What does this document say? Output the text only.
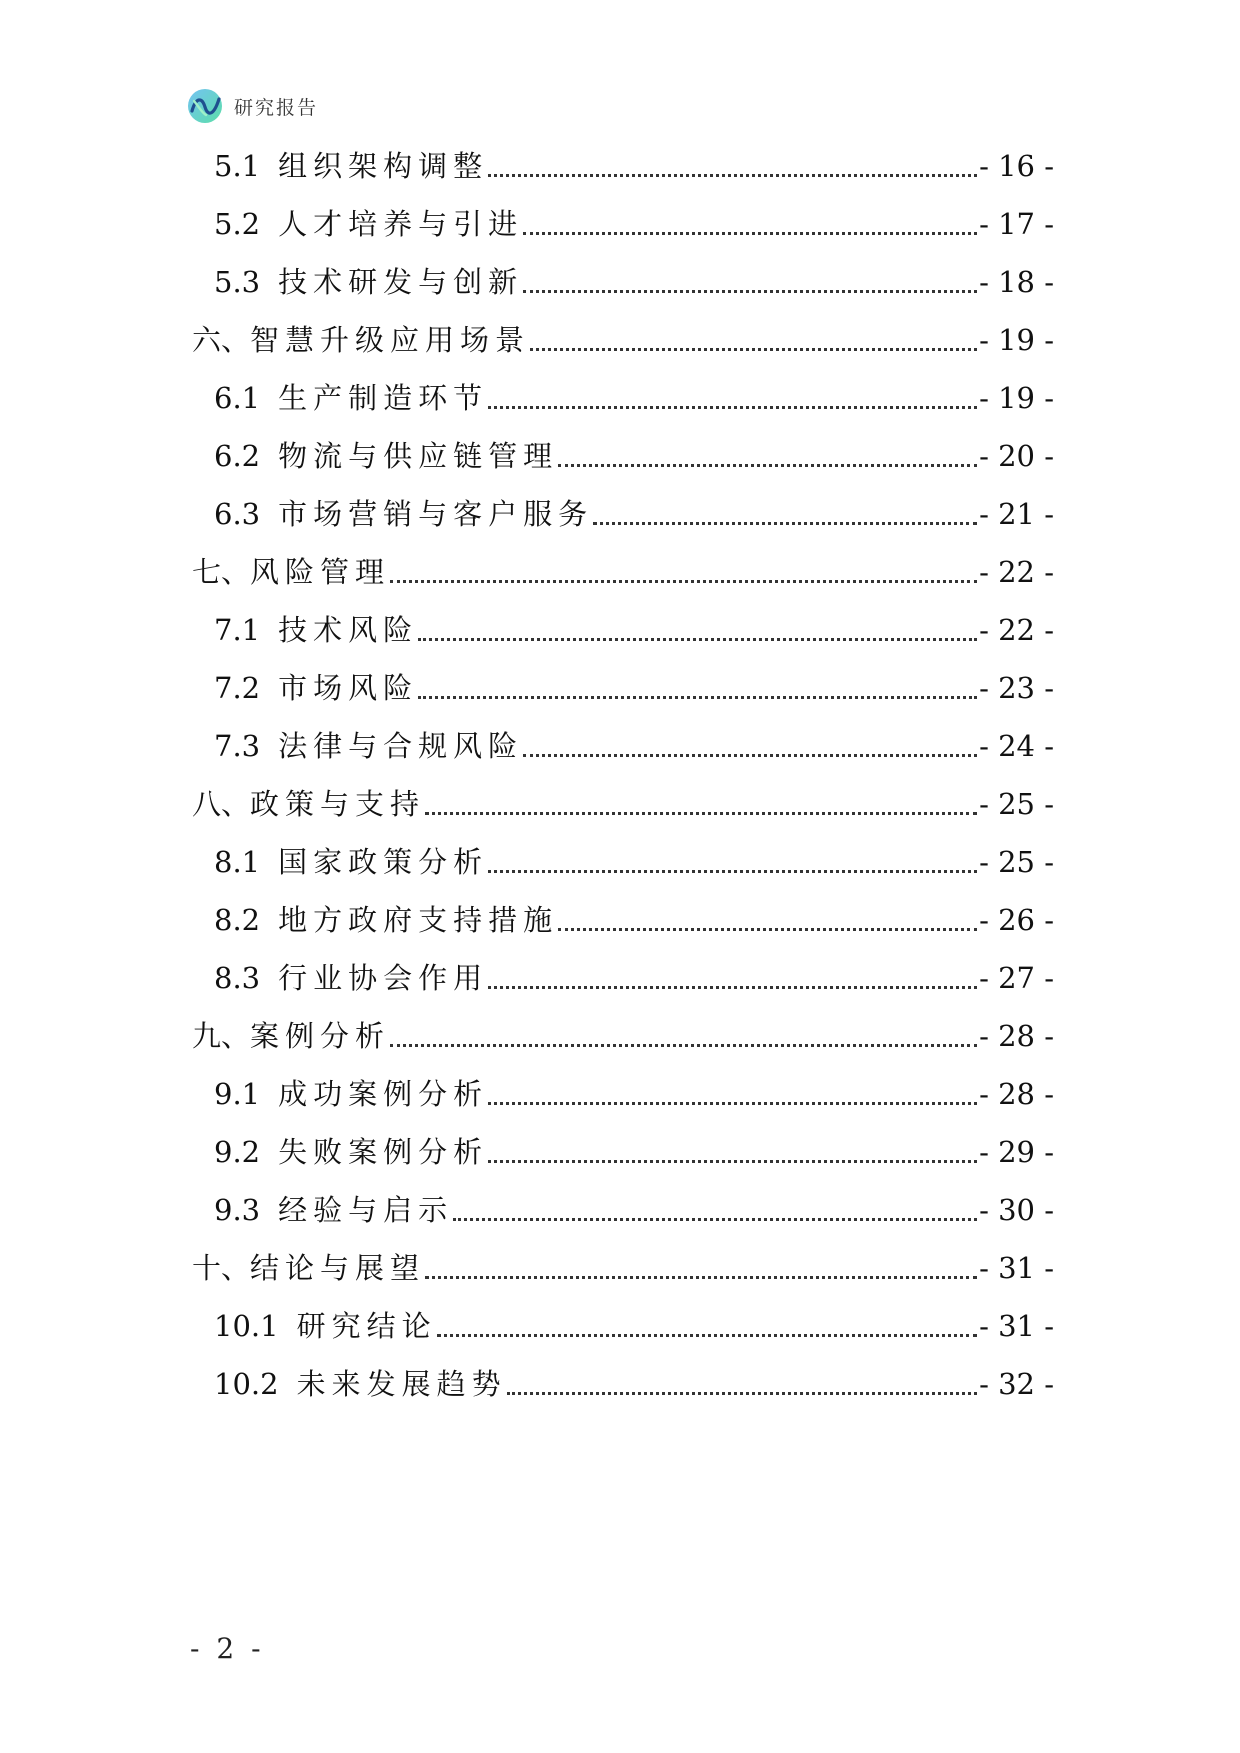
研究报告
5.1 组织架构调整	- 16 -
5.2 人才培养与引进	- 17 -
5.3 技术研发与创新	- 18 -
六、智慧升级应用场景	- 19 -
6.1 生产制造环节	- 19 -
6.2 物流与供应链管理	- 20 -
6.3 市场营销与客户服务	- 21 -
七、风险管理	- 22 -
7.1 技术风险	- 22 -
7.2 市场风险	- 23 -
7.3 法律与合规风险	- 24 -
八、政策与支持	- 25 -
8.1 国家政策分析	- 25 -
8.2 地方政府支持措施	- 26 -
8.3 行业协会作用	- 27 -
九、案例分析	- 28 -
9.1 成功案例分析	- 28 -
9.2 失败案例分析	- 29 -
9.3 经验与启示	- 30 -
十、结论与展望	- 31 -
10.1 研究结论	- 31 -
10.2 未来发展趋势	- 32 -
- 2 -
